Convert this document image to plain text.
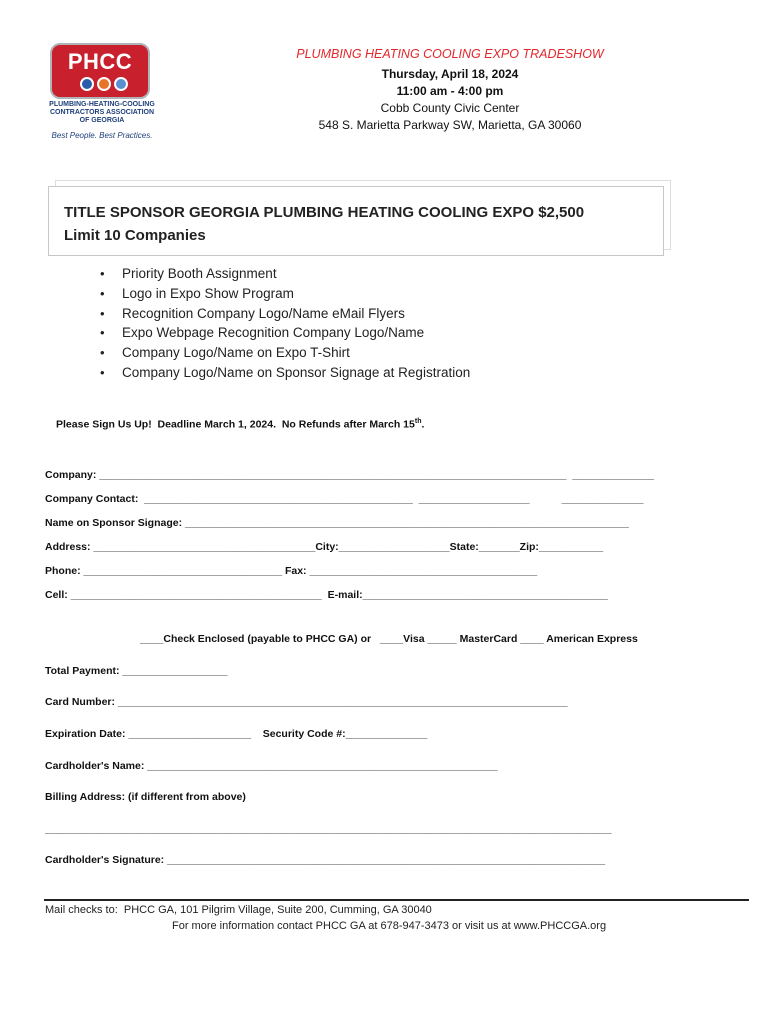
PHCC
PLUMBING-HEATING-COOLING
CONTRACTORS ASSOCIATION
OF GEORGIA
Best People. Best Practices.
PLUMBING HEATING COOLING EXPO TRADESHOW
Thursday, April 18, 2024
11:00 am - 4:00 pm
Cobb County Civic Center
548 S. Marietta Parkway SW, Marietta, GA 30060
TITLE SPONSOR GEORGIA PLUMBING HEATING COOLING EXPO $2,500
Limit 10 Companies
• Priority Booth Assignment
• Logo in Expo Show Program
• Recognition Company Logo/Name eMail Flyers
• Expo Webpage Recognition Company Logo/Name
• Company Logo/Name on Expo T-Shirt
• Company Logo/Name on Sponsor Signage at Registration
Please Sign Us Up!  Deadline March 1, 2024.  No Refunds after March 15th.
Company: ________________________________________________________________________________  ______________
Company Contact:  ______________________________________________  ___________________           ______________
Name on Sponsor Signage: ____________________________________________________________________________
Address: ______________________________________City:___________________State:_______Zip:___________
Phone: __________________________________ Fax: _______________________________________
Cell: ___________________________________________  E-mail:__________________________________________
____Check Enclosed (payable to PHCC GA) or   ____Visa _____ MasterCard ____ American Express
Total Payment: __________________
Card Number: _____________________________________________________________________________
Expiration Date: _____________________    Security Code #:______________
Cardholder's Name: ____________________________________________________________
Billing Address: (if different from above)
_________________________________________________________________________________________________
Cardholder's Signature: ___________________________________________________________________________
Mail checks to:  PHCC GA, 101 Pilgrim Village, Suite 200, Cumming, GA 30040
For more information contact PHCC GA at 678-947-3473 or visit us at www.PHCCGA.org
